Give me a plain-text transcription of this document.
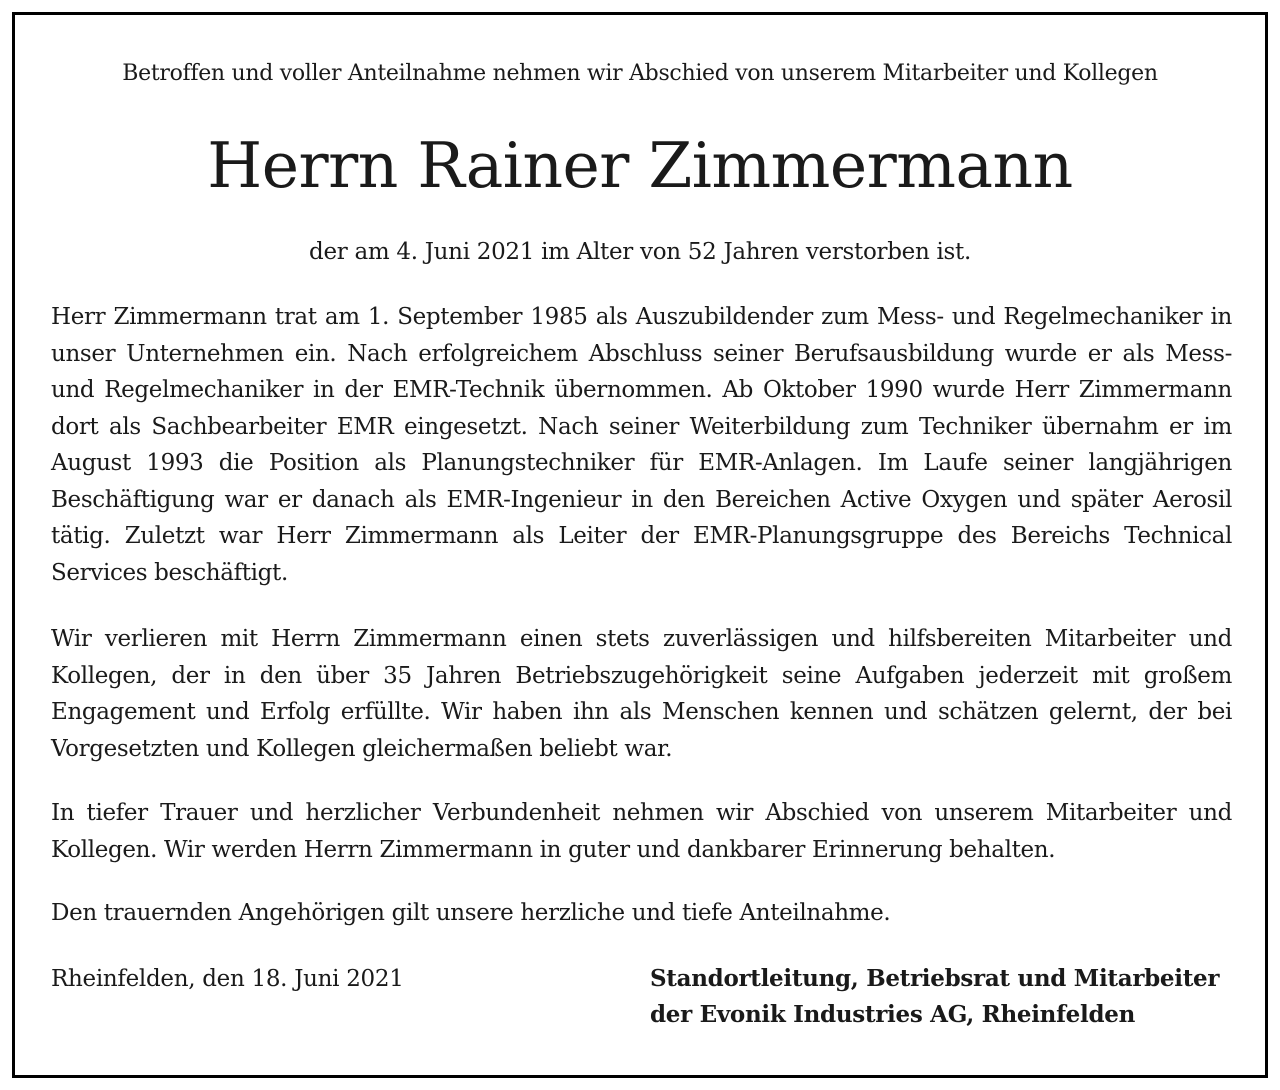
Betroffen und voller Anteilnahme nehmen wir Abschied von unserem Mitarbeiter und Kollegen
Herrn Rainer Zimmermann
der am 4. Juni 2021 im Alter von 52 Jahren verstorben ist.

Herr Zimmermann trat am 1. September 1985 als Auszubildender zum Mess- und Regelmechaniker in unser Unternehmen ein. Nach erfolgreichem Abschluss seiner Berufsausbildung wurde er als Mess- und Regelmechaniker in der EMR-Technik übernommen. Ab Oktober 1990 wurde Herr Zimmermann dort als Sachbearbeiter EMR eingesetzt. Nach seiner Weiterbildung zum Techniker übernahm er im August 1993 die Position als Planungstechniker für EMR-Anlagen. Im Laufe seiner langjährigen Beschäftigung war er danach als EMR-Ingenieur in den Bereichen Active Oxygen und später Aerosil tätig. Zuletzt war Herr Zimmermann als Leiter der EMR-Planungsgruppe des Bereichs Technical Services beschäftigt.

Wir verlieren mit Herrn Zimmermann einen stets zuverlässigen und hilfsbereiten Mitarbeiter und Kollegen, der in den über 35 Jahren Betriebszugehörigkeit seine Aufgaben jederzeit mit großem Engagement und Erfolg erfüllte. Wir haben ihn als Menschen kennen und schätzen gelernt, der bei Vorgesetzten und Kollegen gleichermaßen beliebt war.

In tiefer Trauer und herzlicher Verbundenheit nehmen wir Abschied von unserem Mitarbeiter und Kollegen. Wir werden Herrn Zimmermann in guter und dankbarer Erinnerung behalten.

Den trauernden Angehörigen gilt unsere herzliche und tiefe Anteilnahme.

Rheinfelden, den 18. Juni 2021	Standortleitung, Betriebsrat und Mitarbeiter
der Evonik Industries AG, Rheinfelden
